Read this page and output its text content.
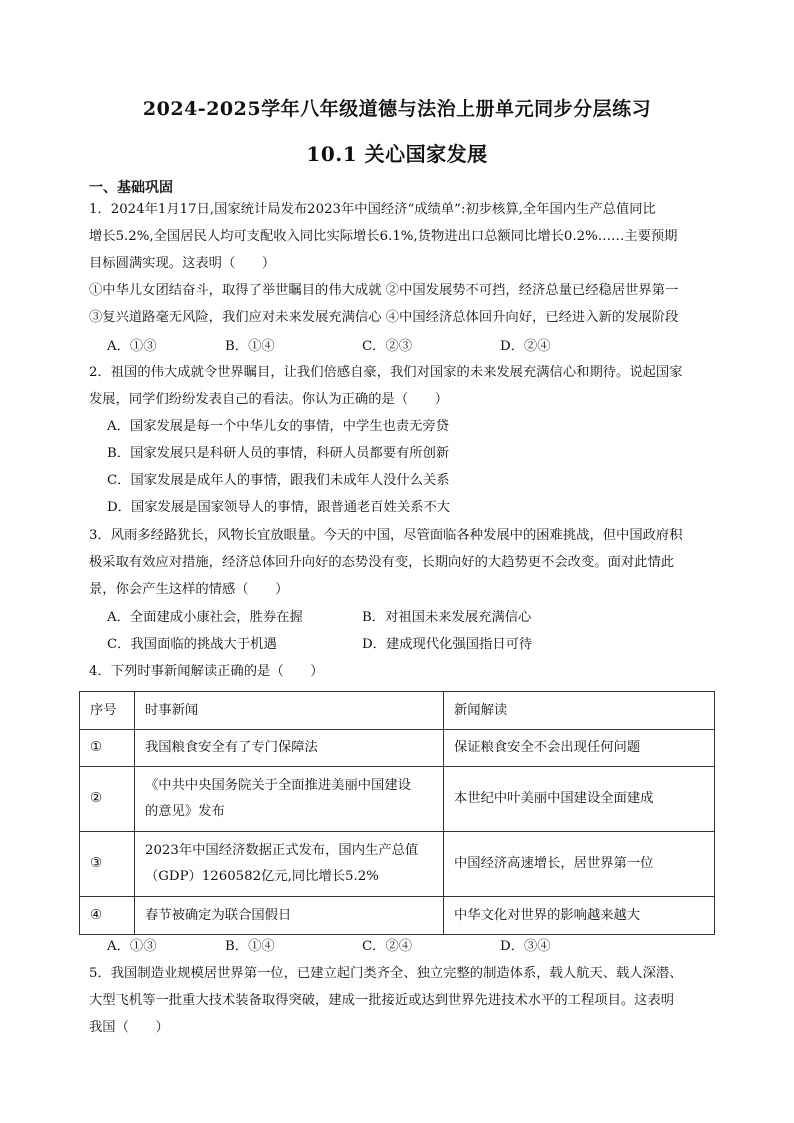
2024-2025学年八年级道德与法治上册单元同步分层练习
10.1 关心国家发展
一、基础巩固
1．2024年1月17日,国家统计局发布2023年中国经济“成绩单”:初步核算,全年国内生产总值同比
增长5.2%,全国居民人均可支配收入同比实际增长6.1%,货物进出口总额同比增长0.2%……主要预期
目标圆满实现。这表明（　　）
①中华儿女团结奋斗，取得了举世瞩目的伟大成就 ②中国发展势不可挡，经济总量已经稳居世界第一
③复兴道路毫无风险，我们应对未来发展充满信心 ④中国经济总体回升向好，已经进入新的发展阶段
A．①③	B．①④	C．②③	D．②④
2．祖国的伟大成就令世界瞩目，让我们倍感自豪，我们对国家的未来发展充满信心和期待。说起国家
发展，同学们纷纷发表自己的看法。你认为正确的是（　　）
A．国家发展是每一个中华儿女的事情，中学生也责无旁贷
B．国家发展只是科研人员的事情，科研人员都要有所创新
C．国家发展是成年人的事情，跟我们未成年人没什么关系
D．国家发展是国家领导人的事情，跟普通老百姓关系不大
3．风雨多经路犹长，风物长宜放眼量。今天的中国，尽管面临各种发展中的困难挑战，但中国政府积
极采取有效应对措施，经济总体回升向好的态势没有变，长期向好的大趋势更不会改变。面对此情此
景，你会产生这样的情感（　　）
A．全面建成小康社会，胜券在握	B．对祖国未来发展充满信心
C．我国面临的挑战大于机遇	D．建成现代化强国指日可待
4．下列时事新闻解读正确的是（　　）
序号	时事新闻	新闻解读
①	我国粮食安全有了专门保障法	保证粮食安全不会出现任何问题
②	《中共中央国务院关于全面推进美丽中国建设
的意见》发布	本世纪中叶美丽中国建设全面建成
③	2023年中国经济数据正式发布，国内生产总值
（GDP）1260582亿元,同比增长5.2%	中国经济高速增长，居世界第一位
④	春节被确定为联合国假日	中华文化对世界的影响越来越大
A．①③	B．①④	C．②④	D．③④
5．我国制造业规模居世界第一位，已建立起门类齐全、独立完整的制造体系，载人航天、载人深潜、
大型飞机等一批重大技术装备取得突破，建成一批接近或达到世界先进技术水平的工程项目。这表明
我国（　　）
